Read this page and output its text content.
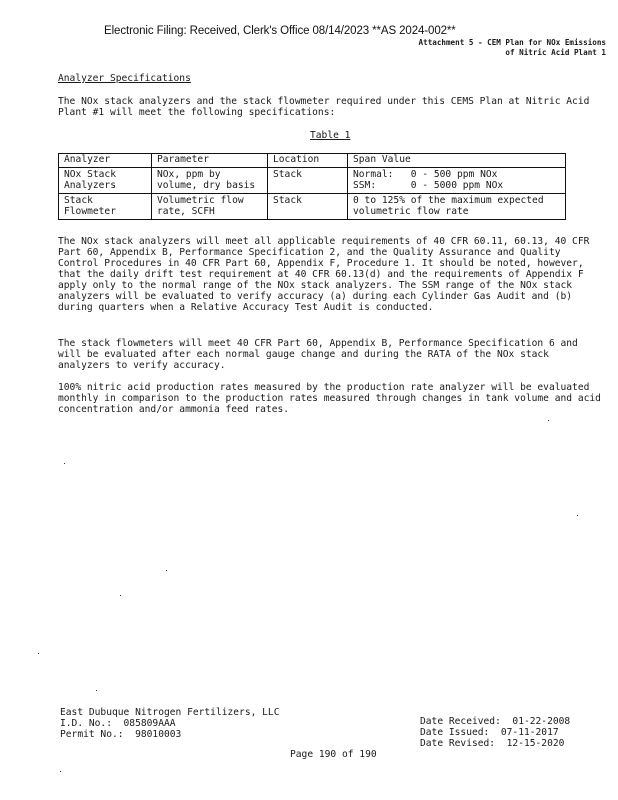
Electronic Filing: Received, Clerk's Office 08/14/2023 **AS 2024-002**
Attachment 5 - CEM Plan for NOx Emissions
of Nitric Acid Plant 1
Analyzer Specifications
The NOx stack analyzers and the stack flowmeter required under this CEMS Plan at Nitric Acid Plant #1 will meet the following specifications:
Table 1
Analyzer	Parameter	Location	Span Value
NOx Stack Analyzers	NOx, ppm by volume, dry basis	Stack	Normal:   0 - 500 ppm NOx
SSM:      0 - 5000 ppm NOx

Stack Flowmeter	Volumetric flow rate, SCFH	Stack	0 to 125% of the maximum expected volumetric flow rate
The NOx stack analyzers will meet all applicable requirements of 40 CFR 60.11, 60.13, 40 CFR Part 60, Appendix B, Performance Specification 2, and the Quality Assurance and Quality Control Procedures in 40 CFR Part 60, Appendix F, Procedure 1. It should be noted, however, that the daily drift test requirement at 40 CFR 60.13(d) and the requirements of Appendix F apply only to the normal range of the NOx stack analyzers. The SSM range of the NOx stack analyzers will be evaluated to verify accuracy (a) during each Cylinder Gas Audit and (b) during quarters when a Relative Accuracy Test Audit is conducted.
The stack flowmeters will meet 40 CFR Part 60, Appendix B, Performance Specification 6 and will be evaluated after each normal gauge change and during the RATA of the NOx stack analyzers to verify accuracy.
100% nitric acid production rates measured by the production rate analyzer will be evaluated monthly in comparison to the production rates measured through changes in tank volume and acid concentration and/or ammonia feed rates.
East Dubuque Nitrogen Fertilizers, LLC
I.D. No.:  085809AAA
Permit No.:  98010003
Date Received:  01-22-2008
Date Issued:  07-11-2017
Date Revised:  12-15-2020
Page 190 of 190
